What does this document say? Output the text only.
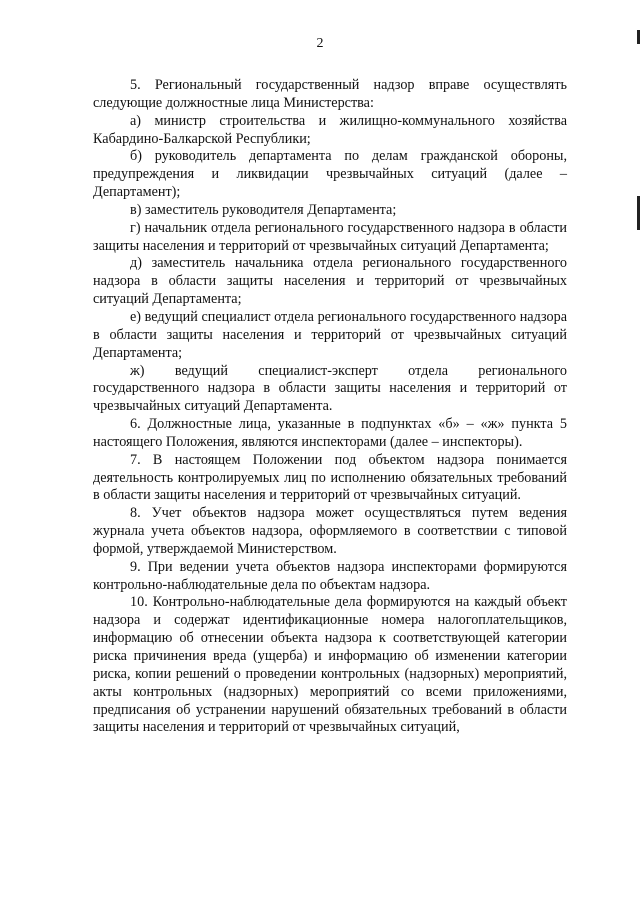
2

5. Региональный государственный надзор вправе осуществлять следующие должностные лица Министерства:

а) министр строительства и жилищно-коммунального хозяйства Кабардино-Балкарской Республики;

б) руководитель департамента по делам гражданской обороны, предупреждения и ликвидации чрезвычайных ситуаций (далее – Департамент);

в) заместитель руководителя Департамента;

г) начальник отдела регионального государственного надзора в области защиты населения и территорий от чрезвычайных ситуаций Департамента;

д) заместитель начальника отдела регионального государственного надзора в области защиты населения и территорий от чрезвычайных ситуаций Департамента;

е) ведущий специалист отдела регионального государственного надзора в области защиты населения и территорий от чрезвычайных ситуаций Департамента;

ж) ведущий специалист-эксперт отдела регионального государственного надзора в области защиты населения и территорий от чрезвычайных ситуаций Департамента.

6. Должностные лица, указанные в подпунктах «б» – «ж» пункта 5 настоящего Положения, являются инспекторами (далее – инспекторы).

7. В настоящем Положении под объектом надзора понимается деятельность контролируемых лиц по исполнению обязательных требований в области защиты населения и территорий от чрезвычайных ситуаций.

8. Учет объектов надзора может осуществляться путем ведения журнала учета объектов надзора, оформляемого в соответствии с типовой формой, утверждаемой Министерством.

9. При ведении учета объектов надзора инспекторами формируются контрольно-наблюдательные дела по объектам надзора.

10. Контрольно-наблюдательные дела формируются на каждый объект надзора и содержат идентификационные номера налогоплательщиков, информацию об отнесении объекта надзора к соответствующей категории риска причинения вреда (ущерба) и информацию об изменении категории риска, копии решений о проведении контрольных (надзорных) мероприятий, акты контрольных (надзорных) мероприятий со всеми приложениями, предписания об устранении нарушений обязательных требований в области защиты населения и территорий от чрезвычайных ситуаций,
